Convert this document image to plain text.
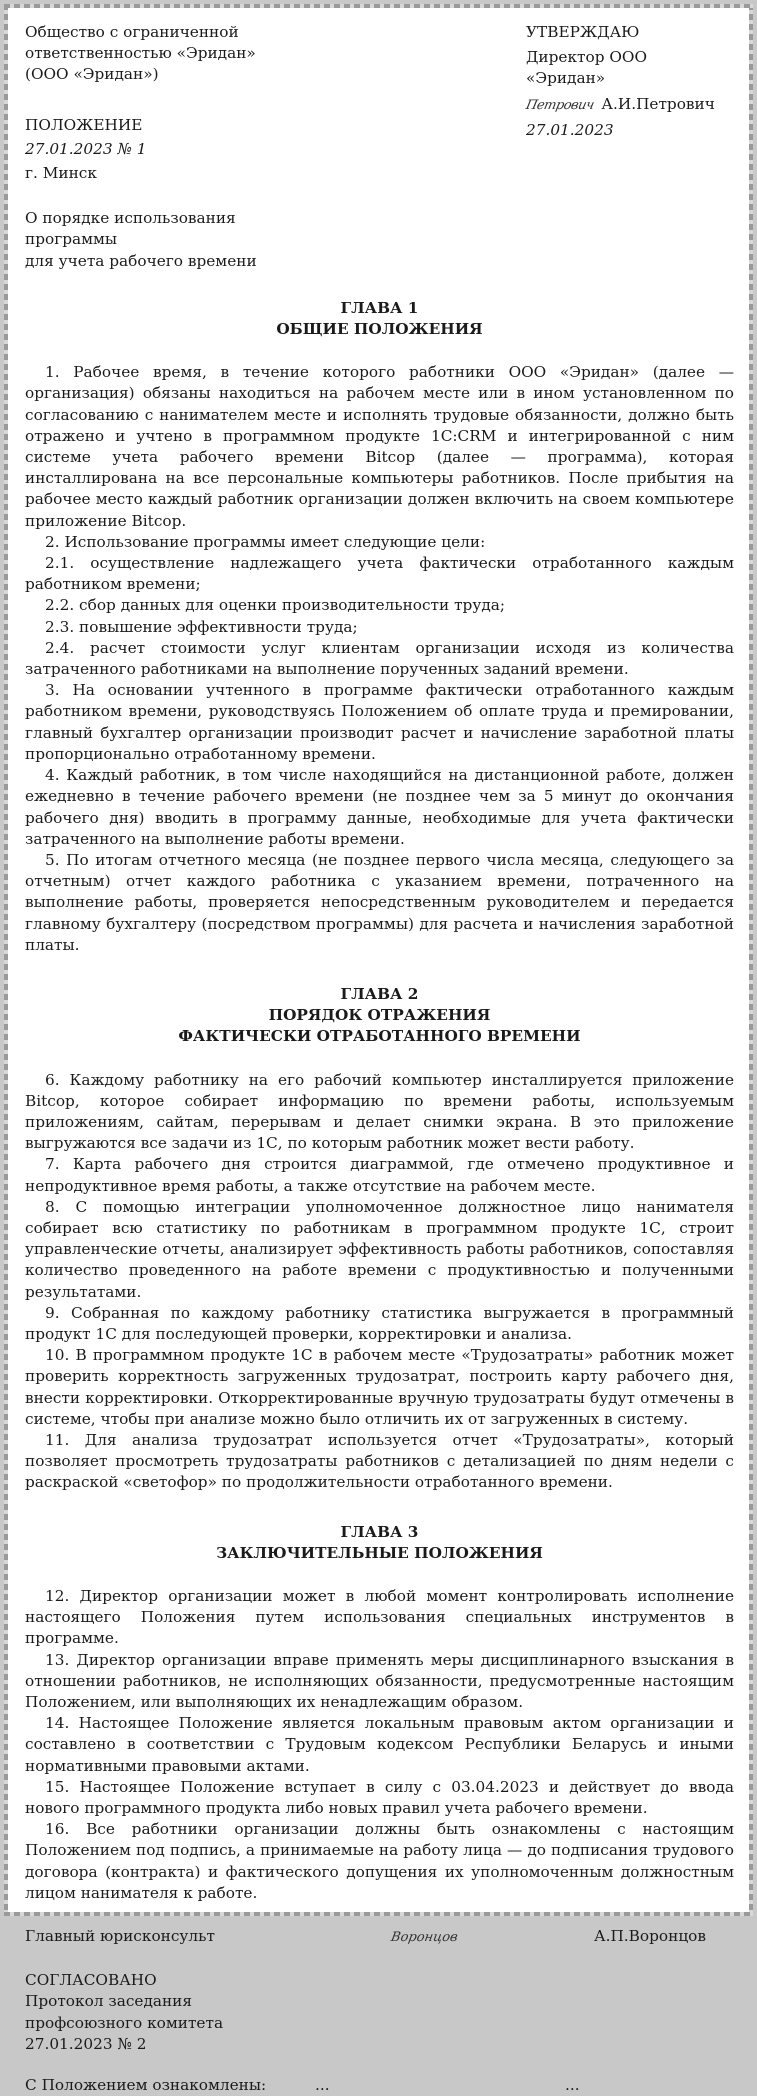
Общество с ограниченной
ответственностью «Эридан»
(ООО «Эридан»)
ПОЛОЖЕНИЕ
27.01.2023 № 1
г. Минск
О порядке использования программы
для учета рабочего времени
УТВЕРЖДАЮ
Директор ООО «Эридан»
Петрович А.И.Петрович
27.01.2023
ГЛАВА 1
ОБЩИЕ ПОЛОЖЕНИЯ

1. Рабочее время, в течение которого работники ООО «Эридан» (далее — организация) обязаны находиться на рабочем месте или в ином установленном по согласованию с нанимателем месте и исполнять трудовые обязанности, должно быть отражено и учтено в программном продукте 1С:CRM и интегрированной с ним системе учета рабочего времени Bitcop (далее — программа), которая инсталлирована на все персональные компьютеры работников. После прибытия на рабочее место каждый работник организации должен включить на своем компьютере приложение Bitcop.

2. Использование программы имеет следующие цели:

2.1. осуществление надлежащего учета фактически отработанного каждым работником времени;

2.2. сбор данных для оценки производительности труда;

2.3. повышение эффективности труда;

2.4. расчет стоимости услуг клиентам организации исходя из количества затраченного работниками на выполнение порученных заданий времени.

3. На основании учтенного в программе фактически отработанного каждым работником времени, руководствуясь Положением об оплате труда и премировании, главный бухгалтер организации производит расчет и начисление заработной платы пропорционально отработанному времени.

4. Каждый работник, в том числе находящийся на дистанционной работе, должен ежедневно в течение рабочего времени (не позднее чем за 5 минут до окончания рабочего дня) вводить в программу данные, необходимые для учета фактически затраченного на выполнение работы времени.

5. По итогам отчетного месяца (не позднее первого числа месяца, следующего за отчетным) отчет каждого работника с указанием времени, потраченного на выполнение работы, проверяется непосредственным руководителем и передается главному бухгалтеру (посредством программы) для расчета и начисления заработной платы.

ГЛАВА 2
ПОРЯДОК ОТРАЖЕНИЯ
ФАКТИЧЕСКИ ОТРАБОТАННОГО ВРЕМЕНИ

6. Каждому работнику на его рабочий компьютер инсталлируется приложение Bitcop, которое собирает информацию по времени работы, используемым приложениям, сайтам, перерывам и делает снимки экрана. В это приложение выгружаются все задачи из 1С, по которым работник может вести работу.

7. Карта рабочего дня строится диаграммой, где отмечено продуктивное и непродуктивное время работы, а также отсутствие на рабочем месте.

8. С помощью интеграции уполномоченное должностное лицо нанимателя собирает всю статистику по работникам в программном продукте 1С, строит управленческие отчеты, анализирует эффективность работы работников, сопоставляя количество проведенного на работе времени с продуктивностью и полученными результатами.

9. Собранная по каждому работнику статистика выгружается в программный продукт 1С для последующей проверки, корректировки и анализа.

10. В программном продукте 1С в рабочем месте «Трудозатраты» работник может проверить корректность загруженных трудозатрат, построить карту рабочего дня, внести корректировки. Откорректированные вручную трудозатраты будут отмечены в системе, чтобы при анализе можно было отличить их от загруженных в систему.

11. Для анализа трудозатрат используется отчет «Трудозатраты», который позволяет просмотреть трудозатраты работников с детализацией по дням недели с раскраской «светофор» по продолжительности отработанного времени.

ГЛАВА 3
ЗАКЛЮЧИТЕЛЬНЫЕ ПОЛОЖЕНИЯ

12. Директор организации может в любой момент контролировать исполнение настоящего Положения путем использования специальных инструментов в программе.

13. Директор организации вправе применять меры дисциплинарного взыскания в отношении работников, не исполняющих обязанности, предусмотренные настоящим Положением, или выполняющих их ненадлежащим образом.

14. Настоящее Положение является локальным правовым актом организации и составлено в соответствии с Трудовым кодексом Республики Беларусь и иными нормативными правовыми актами.

15. Настоящее Положение вступает в силу с 03.04.2023 и действует до ввода нового программного продукта либо новых правил учета рабочего времени.

16. Все работники организации должны быть ознакомлены с настоящим Положением под подпись, а принимаемые на работу лица — до подписания трудового договора (контракта) и фактического допущения их уполномоченным должностным лицом нанимателя к работе.

Главный юрисконсульт	Воронцов	А.П.Воронцов
СОГЛАСОВАНО
Протокол заседания
профсоюзного комитета
27.01.2023 № 2
С Положением ознакомлены:	...	...
